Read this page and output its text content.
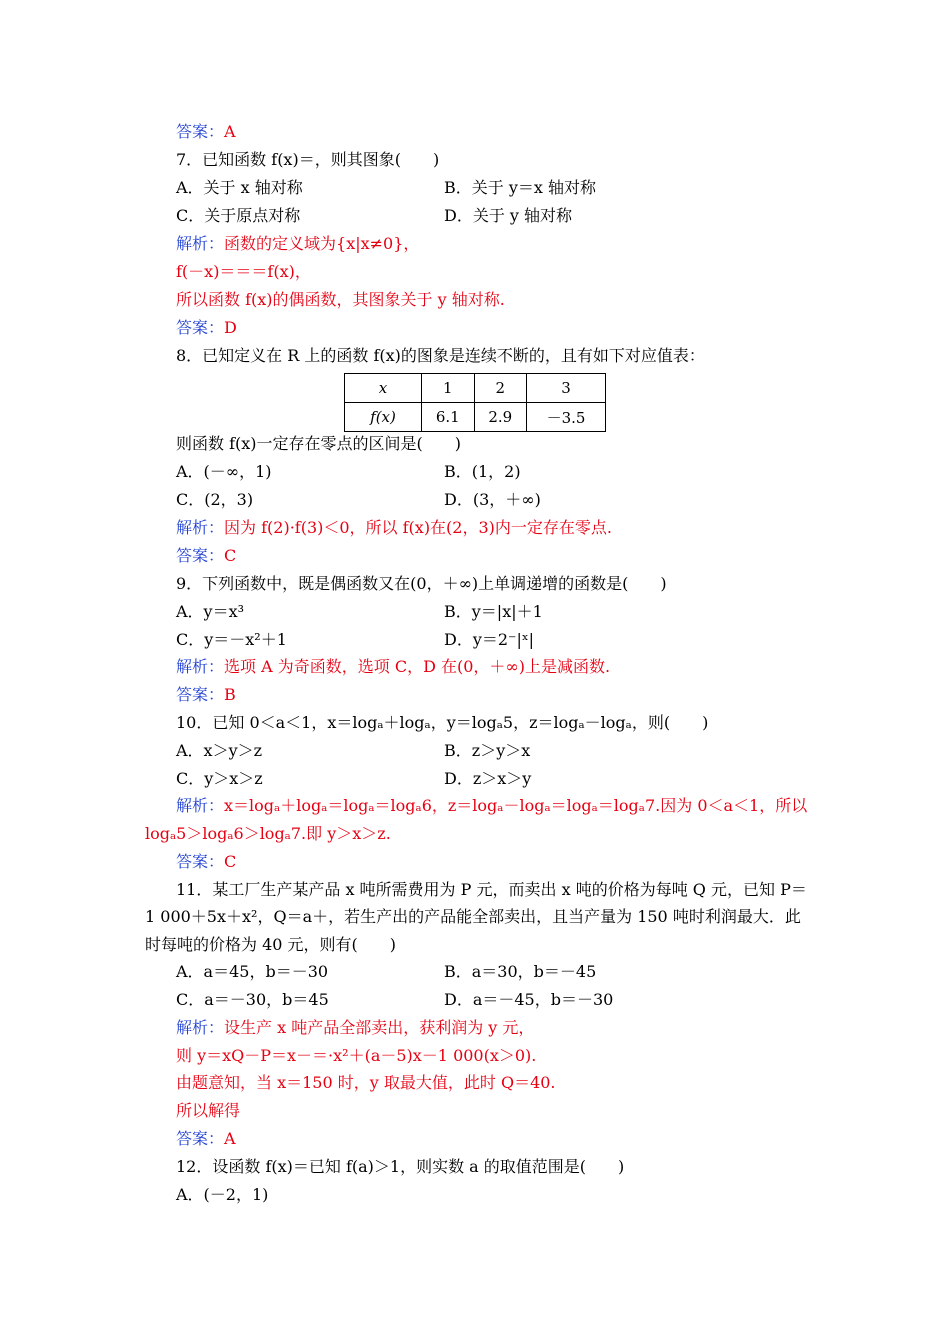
答案：A
7．已知函数 f(x)＝，则其图象(　　)
A．关于 x 轴对称	B．关于 y＝x 轴对称
C．关于原点对称	D．关于 y 轴对称
解析：函数的定义域为{x|x≠0}，
f(－x)＝＝＝f(x)，
所以函数 f(x)的偶函数，其图象关于 y 轴对称.
答案：D
8．已知定义在 R 上的函数 f(x)的图象是连续不断的，且有如下对应值表：
x	1	2	3
f(x)	6.1	2.9	－3.5
则函数 f(x)一定存在零点的区间是(　　)
A．(－∞，1)	B．(1，2)
C．(2，3)	D．(3，＋∞)
解析：因为 f(2)·f(3)＜0，所以 f(x)在(2，3)内一定存在零点.
答案：C
9．下列函数中，既是偶函数又在(0，＋∞)上单调递增的函数是(　　)
A．y＝x³	B．y＝|x|＋1
C．y＝－x²＋1	D．y＝2⁻|ˣ|
解析：选项 A 为奇函数，选项 C，D 在(0，＋∞)上是减函数.
答案：B
10．已知 0＜a＜1，x＝logₐ＋logₐ，y＝logₐ5，z＝logₐ－logₐ，则(　　)
A．x＞y＞z	B．z＞y＞x
C．y＞x＞z	D．z＞x＞y
解析：x＝logₐ＋logₐ＝logₐ＝logₐ6，z＝logₐ－logₐ＝logₐ＝logₐ7.因为 0＜a＜1，所以
logₐ5＞logₐ6＞logₐ7.即 y＞x＞z.
答案：C
11．某工厂生产某产品 x 吨所需费用为 P 元，而卖出 x 吨的价格为每吨 Q 元，已知 P＝
1 000＋5x＋x²，Q＝a＋，若生产出的产品能全部卖出，且当产量为 150 吨时利润最大．此
时每吨的价格为 40 元，则有(　　)
A．a＝45，b＝－30	B．a＝30，b＝－45
C．a＝－30，b＝45	D．a＝－45，b＝－30
解析：设生产 x 吨产品全部卖出，获利润为 y 元，
则 y＝xQ－P＝x－＝·x²＋(a－5)x－1 000(x＞0).
由题意知，当 x＝150 时，y 取最大值，此时 Q＝40.
所以解得
答案：A
12．设函数 f(x)＝已知 f(a)＞1，则实数 a 的取值范围是(　　)
A．(－2，1)
